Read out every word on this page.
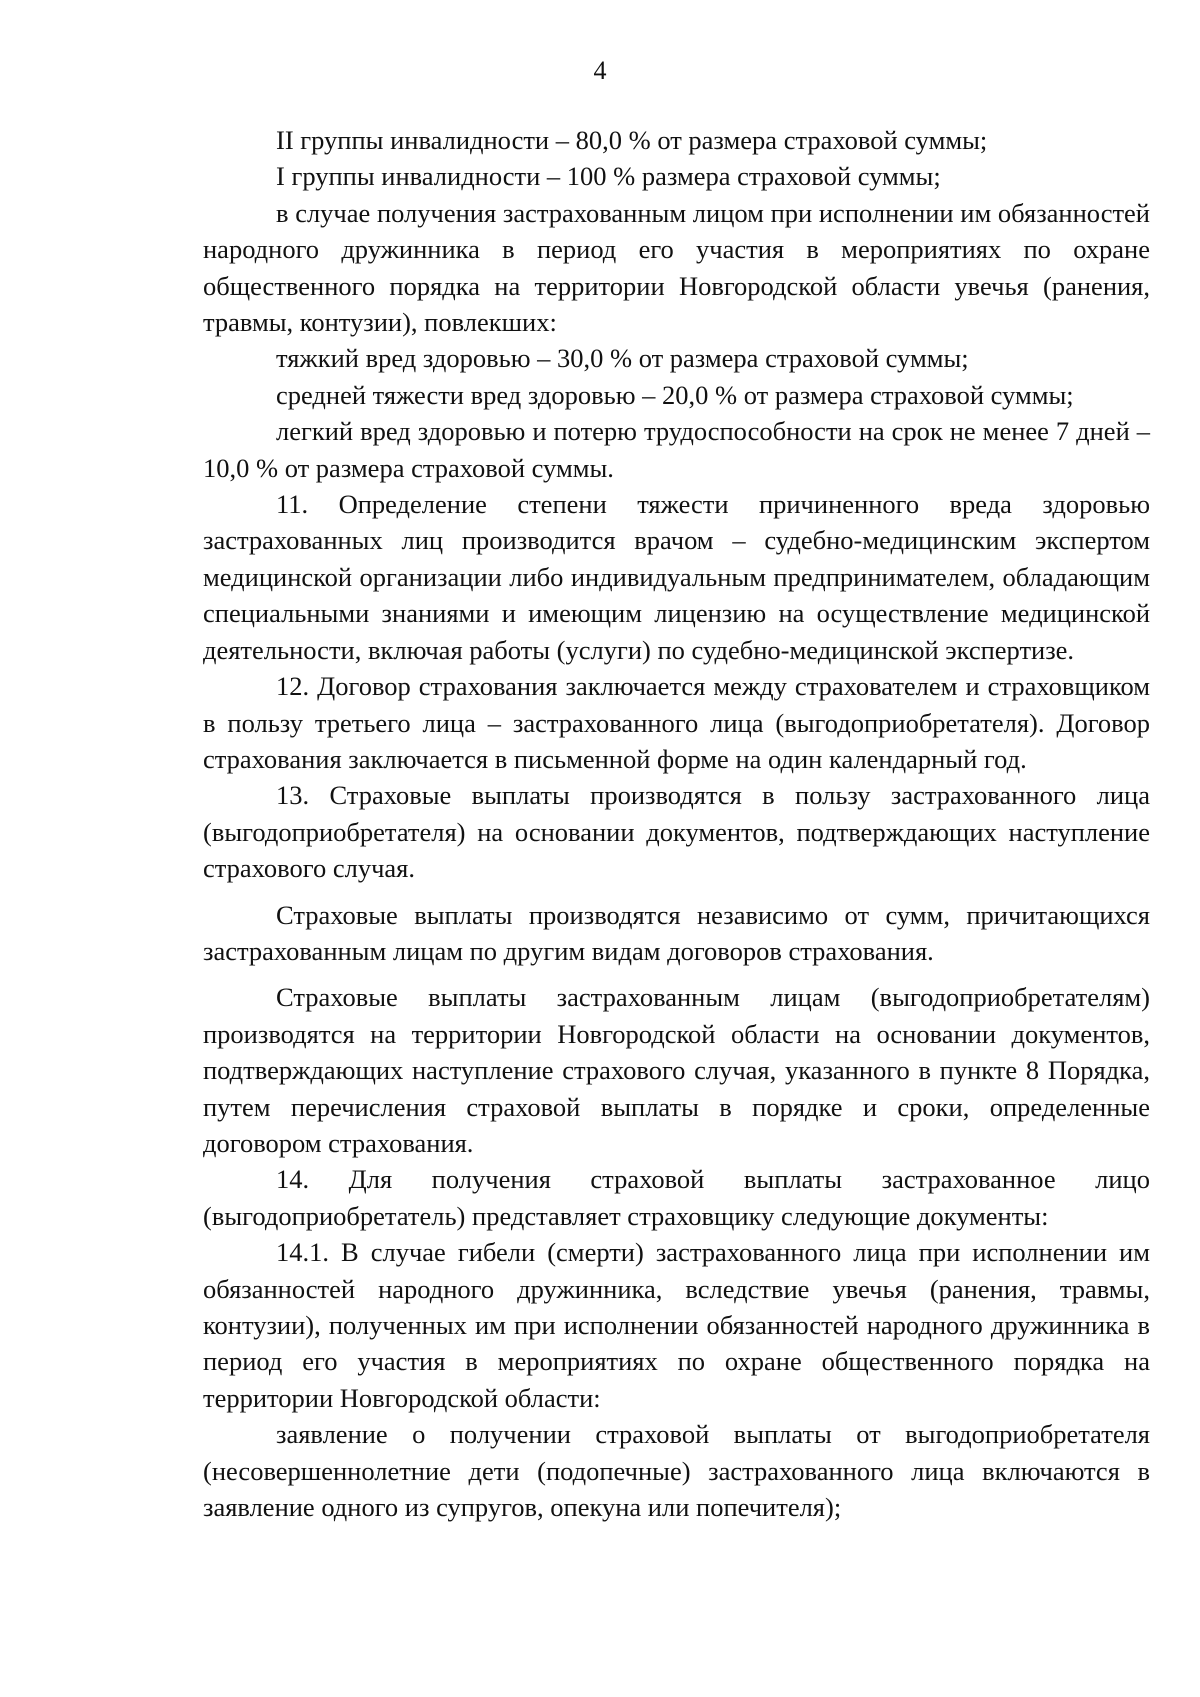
4

II группы инвалидности – 80,0 % от размера страховой суммы;

I группы инвалидности – 100 % размера страховой суммы;

в случае получения застрахованным лицом при исполнении им обязанностей народного дружинника в период его участия в мероприятиях по охране общественного порядка на территории Новгородской области увечья (ранения, травмы, контузии), повлекших:

тяжкий вред здоровью – 30,0 % от размера страховой суммы;

средней тяжести вред здоровью – 20,0 % от размера страховой суммы;

легкий вред здоровью и потерю трудоспособности на срок не менее 7 дней – 10,0 % от размера страховой суммы.

11. Определение степени тяжести причиненного вреда здоровью застрахованных лиц производится врачом – судебно-медицинским экспертом медицинской организации либо индивидуальным предпринимателем, обладающим специальными знаниями и имеющим лицензию на осуществление медицинской деятельности, включая работы (услуги) по судебно-медицинской экспертизе.

12. Договор страхования заключается между страхователем и страховщиком в пользу третьего лица – застрахованного лица (выгодоприобретателя). Договор страхования заключается в письменной форме на один календарный год.

13. Страховые выплаты производятся в пользу застрахованного лица (выгодоприобретателя) на основании документов, подтверждающих наступление страхового случая.

Страховые выплаты производятся независимо от сумм, причитающихся застрахованным лицам по другим видам договоров страхования.

Страховые выплаты застрахованным лицам (выгодоприобретателям) производятся на территории Новгородской области на основании документов, подтверждающих наступление страхового случая, указанного в пункте 8 Порядка, путем перечисления страховой выплаты в порядке и сроки, определенные договором страхования.

14. Для получения страховой выплаты застрахованное лицо (выгодоприобретатель) представляет страховщику следующие документы:

14.1. В случае гибели (смерти) застрахованного лица при исполнении им обязанностей народного дружинника, вследствие увечья (ранения, травмы, контузии), полученных им при исполнении обязанностей народного дружинника в период его участия в мероприятиях по охране общественного порядка на территории Новгородской области:

заявление о получении страховой выплаты от выгодоприобретателя (несовершеннолетние дети (подопечные) застрахованного лица включаются в заявление одного из супругов, опекуна или попечителя);
